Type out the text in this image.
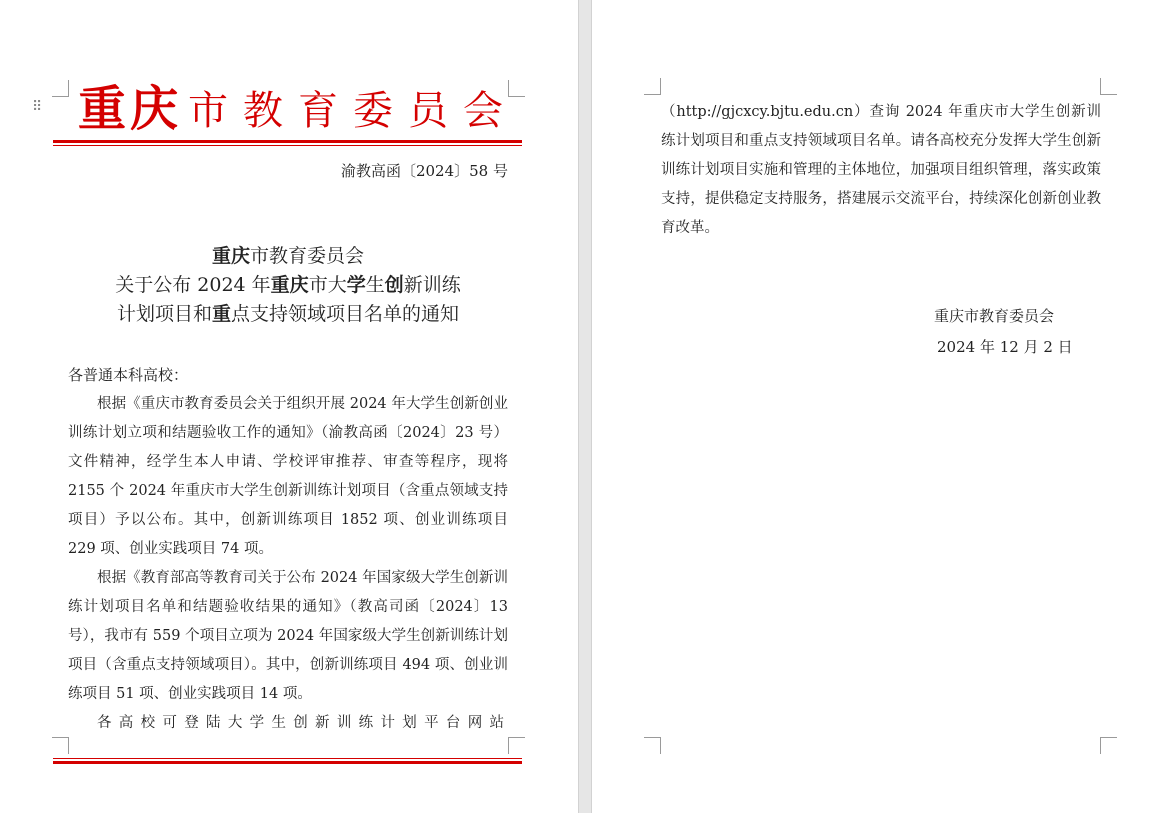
⠿ 重庆 市教育委员会
渝教高函〔2024〕58 号
重庆市教育委员会
关于公布 2024 年重庆市大学生创新训练
计划项目和重点支持领域项目名单的通知
各普通本科高校：
根据《重庆市教育委员会关于组织开展 2024 年大学生创新创业训练计划立项和结题验收工作的通知》（渝教高函〔2024〕23 号）文件精神，经学生本人申请、学校评审推荐、审查等程序，现将 2155 个 2024 年重庆市大学生创新训练计划项目（含重点领域支持项目）予以公布。其中，创新训练项目 1852 项、创业训练项目 229 项、创业实践项目 74 项。
根据《教育部高等教育司关于公布 2024 年国家级大学生创新训练计划项目名单和结题验收结果的通知》（教高司函〔2024〕13 号），我市有 559 个项目立项为 2024 年国家级大学生创新训练计划项目（含重点支持领域项目）。其中，创新训练项目 494 项、创业训练项目 51 项、创业实践项目 14 项。
各高校可登陆大学生创新训练计划平台网站
（http://gjcxcy.bjtu.edu.cn）查询 2024 年重庆市大学生创新训练计划项目和重点支持领域项目名单。请各高校充分发挥大学生创新训练计划项目实施和管理的主体地位，加强项目组织管理，落实政策支持，提供稳定支持服务，搭建展示交流平台，持续深化创新创业教育改革。
重庆市教育委员会
2024 年 12 月 2 日
